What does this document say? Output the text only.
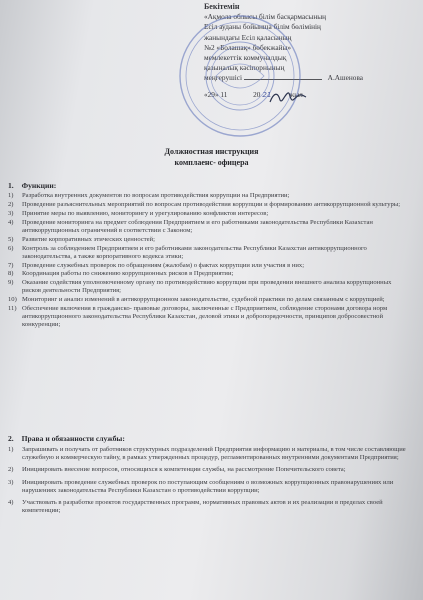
Бекітемін
«Ақмола облысы білім басқармасының
Есіл ауданы бойынша білім бөлімінің
жанындағы Есіл қаласының
№2 «Болашақ» бөбекжайы»
мемлекеттік коммуналдық
қазыналық кәсіпорнының
меңгерушісі	А.Ашенова
«29» 11	20 21 жыл
Должностная инструкция
комплаенс- офицера
1. Функции:
1)	Разработка внутренних документов по вопросам противодействия коррупции на Предприятии;
2)	Проведение разъяснительных мероприятий по вопросам противодействия коррупции и формированию антикоррупционной культуры;
3)	Принятие меры по выявлению, мониторингу и урегулированию конфликтов интересов;
4)	Проведение мониторинга на предмет соблюдения Предприятием и его работниками законодательства Республики Казахстан антикоррупционных ограничений в соответствии с Законом;
5)	Развитие корпоративных этических ценностей;
6)	Контроль за соблюдением Предприятием и его работниками законодательства Республики Казахстан антикоррупционного законодательства, а также корпоративного кодекса этики;
7)	Проведение служебных проверок по обращениям (жалобам) о фактах коррупции или участия в них;
8)	Координация работы по снижению коррупционных рисков в Предприятии;
9)	Оказание содействия уполномоченному органу по противодействию коррупции при проведении внешнего анализа коррупционных рисков деятельности Предприятия;
10) Мониторинг и анализ изменений в антикоррупционном законодательстве, судебной практики по делам связанным с коррупцией;
11) Обеспечение включения в гражданско- правовые договоры, заключенные с Предприятием, соблюдение сторонами договора норм антикоррупционного законодательства Республики Казахстан, деловой этики и добропорядочности, принципов добросовестной конкуренции;
2. Права и обязанности службы:
1)	Запрашивать и получать от работников структурных подразделений Предприятия информацию и материалы, в том числе составляющие служебную и коммерческую тайну, в рамках утвержденных процедур, регламентированных внутренними документами Предприятия;
2)	Инициировать внесение вопросов, относящихся к компетенции службы, на рассмотрение Попечительского совета;
3)	Инициировать проведение служебных проверок по поступающим сообщениям о возможных коррупционных правонарушениях или нарушениях законодательства Республики Казахстан о противодействии коррупции;
4)	Участвовать в разработке проектов государственных программ, нормативных правовых актов и их реализации в пределах своей компетенции;
